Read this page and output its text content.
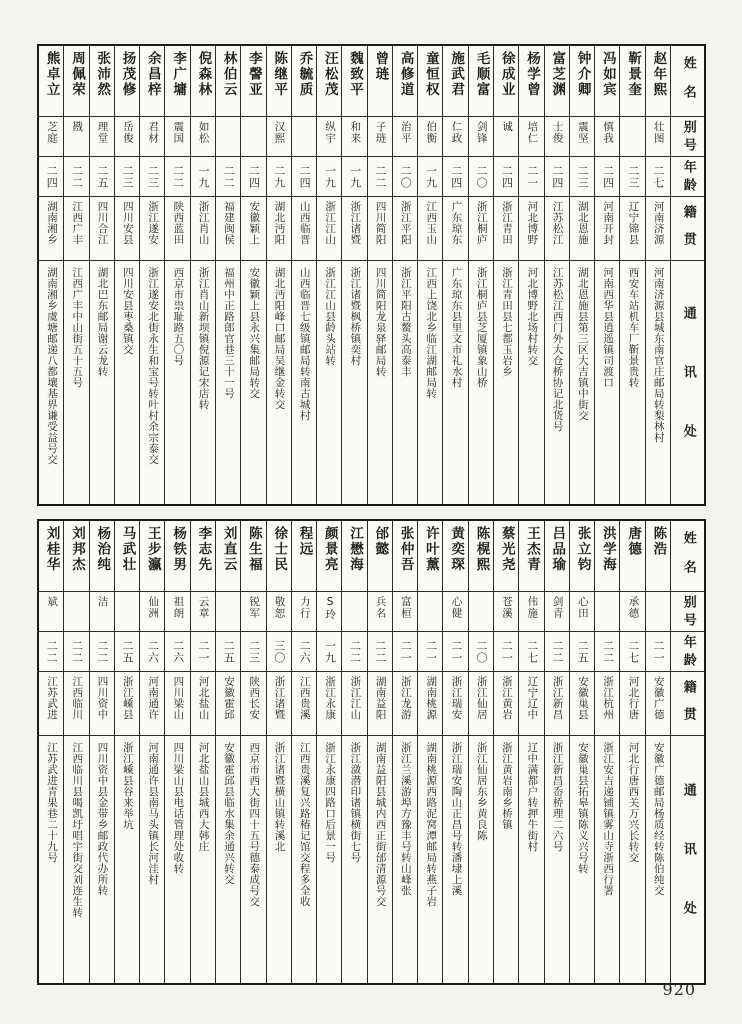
姓名
别号
年龄
籍贯
通讯处
赵年熙
壮图
二七
河南济源
河南济源县城东南官庄邮局转梨林村
靳景奎
二三
辽宁锦县
西安车站机车厂靳景贵转
冯如宾
慎我
二四
河南开封
河南西华县逍遥镇司渡口
钟介卿
震坚
二三
湖北恩施
湖北恩施县第三区大吉镇中街交
富芝渊
士俊
二四
江苏松江
江苏松江西门外大仓桥协记北货号
杨学曾
培仁
二一
河北博野
河北博野北场村转交
徐成业
诚
二四
浙江青田
浙江青田县七都玉岩乡
毛顺富
剑锋
二〇
浙江桐庐
浙江桐庐县芝厦镇象山桥
施武君
仁政
二四
广东琼东
广东琼东县里文市礼水村
童恒权
伯衡
一九
江西玉山
江西上饶北乡临江湖邮局转
高修道
治平
二〇
浙江平阳
浙江平阳古鳌头高泰丰
曾琏
子琏
二二
四川简阳
四川简阳龙泉驿邮局转
魏致平
和来
一九
浙江诸暨
浙江诸暨枫桥镇奕村
汪松茂
纵宇
一九
浙江江山
浙江江山县龄头站转
乔毓质
二四
山西临晋
山西临晋七级镇邮局转南古城村
陈继平
汉熙
二九
湖北沔阳
湖北沔阳峰口邮局吴继金转交
李謦亚
二四
安徽颖上
安徽颖上县永兴集邮局转交
林伯云
二二
福建闽侯
福州中正路郎官巷三十一号
倪森林
如松
一九
浙江肖山
浙江肖山新坝镇倪源记宋店转
李广墉
震国
二二
陕西蓝田
西京市祟耻路五〇号
余昌梓
君材
二三
浙江遂安
浙江遂安北街永生和宝号转叶村余宗泰交
扬茂修
岳俊
二三
四川安县
四川安县枣桑镇交
张沛然
理堂
二五
四川合江
湖北巴东邮局谢云龙转
周佩荣
戡
二二
江西广丰
江西广丰中山街五十五号
熊卓立
芝庭
二四
湖南湘乡
湖南湘乡虞塘邮递八都壤基界谦受益号交
姓名
别号
年龄
籍贯
通讯处
陈浩
二一
安徽广德
安徽广德邮局杨质经转陈伯纯交
唐德
承德
二七
河北行唐
河北行唐西关万兴长转交
洪学海
二二
浙江杭州
浙江安吉递铺镇雾山寺浙西行署
张立钧
心田
二五
安徽巢县
安徽巢县拓皋镇陈义兴号转
吕品瑜
剑青
二二
浙江新昌
浙江新昌岙桥理二六号
王杰青
伟施
二七
辽宁辽中
辽中满都户转押牛街村
蔡光尧
苍溪
二一
浙江黄岩
浙江黄岩南乡桥镇
陈榥熙
二〇
浙江仙居
浙江仙居东乡黄良陈
黄奕琛
心健
二一
浙江瑞安
浙江瑞安陶山正昌号转潘埭上溪
许叶薰
二一
湖南桃源
湖南桃源西路泥窝潭邮局转燕子岩
张仲吾
富桓
二一
浙江龙游
浙江兰溪游埠方豫丰号转山峰张
邰懿
兵名
二二
湖南益阳
湖南益阳县城内西正街邰清源号交
江懋海
二二
浙江江山
浙江潋潜印诸镇横街七号
颜景亮
S玲
一九
浙江永康
浙江永康四路口后景一号
程远
力行
二六
江西贵溪
江西贵溪复兴路椿记馆交程多全收
徐士民
敬恕
三〇
浙江诸暨
浙江诸暨横山镇转溪北
陈生福
锐军
二三
陕西长安
西京市西大街四十五号德泰成号交
刘直云
二五
安徽霍邱
安徽霍邱县临水集余通兴转交
李志先
云章
二一
河北盐山
河北盐山县城西大韩庄
杨铁男
祖朗
二六
四川梁山
四川梁山县电话管理处收转
王步瀛
仙洲
二六
河南通许
河南通许县南马头镇长河洼村
马武壮
二五
浙江嵊县
浙江嵊县谷来举坑
杨治纯
洁
二二
四川资中
四川资中县金带乡邮政代办所转
刘邦杰
二二
江西临川
江西临川县喝凯圩唱宇街交刘连生转
刘桂华
斌
二二
江苏武进
江苏武进青果巷二十九号
920
